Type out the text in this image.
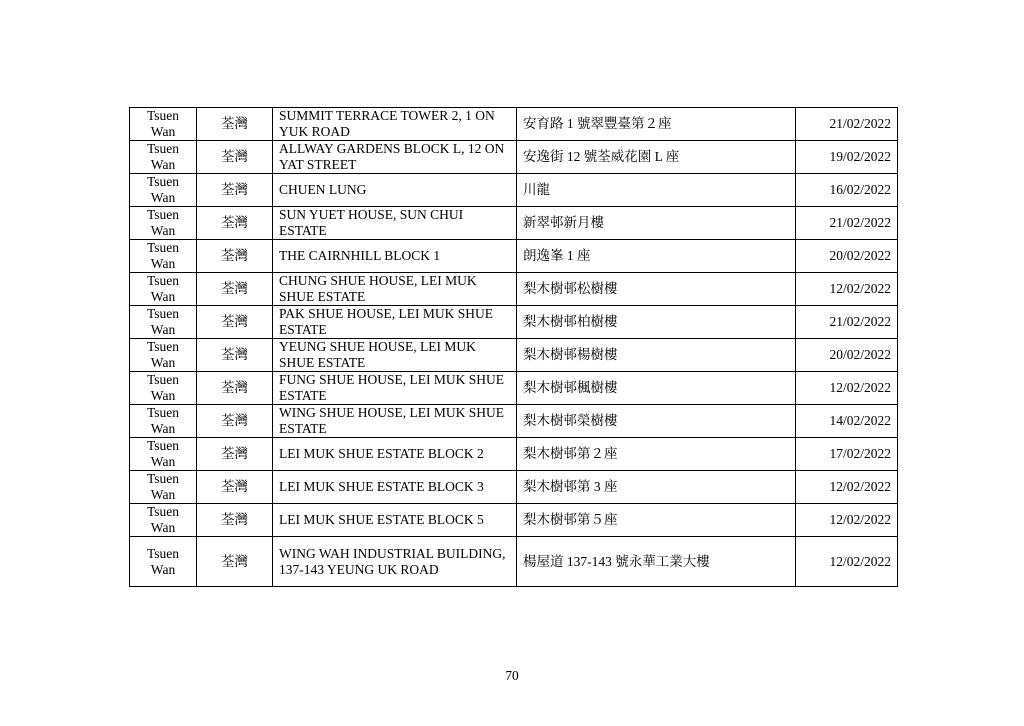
Tsuen Wan	荃灣	SUMMIT TERRACE TOWER 2, 1 ON YUK ROAD	安育路 1 號翠豐臺第２座	21/02/2022
Tsuen Wan	荃灣	ALLWAY GARDENS BLOCK L, 12 ON YAT STREET	安逸街 12 號荃威花園 L 座	19/02/2022
Tsuen Wan	荃灣	CHUEN LUNG	川龍	16/02/2022
Tsuen Wan	荃灣	SUN YUET HOUSE, SUN CHUI ESTATE	新翠邨新月樓	21/02/2022
Tsuen Wan	荃灣	THE CAIRNHILL BLOCK 1	朗逸峯 1 座	20/02/2022
Tsuen Wan	荃灣	CHUNG SHUE HOUSE, LEI MUK SHUE ESTATE	梨木樹邨松樹樓	12/02/2022
Tsuen Wan	荃灣	PAK SHUE HOUSE, LEI MUK SHUE ESTATE	梨木樹邨柏樹樓	21/02/2022
Tsuen Wan	荃灣	YEUNG SHUE HOUSE, LEI MUK SHUE ESTATE	梨木樹邨楊樹樓	20/02/2022
Tsuen Wan	荃灣	FUNG SHUE HOUSE, LEI MUK SHUE ESTATE	梨木樹邨楓樹樓	12/02/2022
Tsuen Wan	荃灣	WING SHUE HOUSE, LEI MUK SHUE ESTATE	梨木樹邨榮樹樓	14/02/2022
Tsuen Wan	荃灣	LEI MUK SHUE ESTATE BLOCK 2	梨木樹邨第２座	17/02/2022
Tsuen Wan	荃灣	LEI MUK SHUE ESTATE BLOCK 3	梨木樹邨第 3 座	12/02/2022
Tsuen Wan	荃灣	LEI MUK SHUE ESTATE BLOCK 5	梨木樹邨第５座	12/02/2022
Tsuen Wan	荃灣	WING WAH INDUSTRIAL BUILDING, 137-143 YEUNG UK ROAD	楊屋道 137-143 號永華工業大樓	12/02/2022
70
